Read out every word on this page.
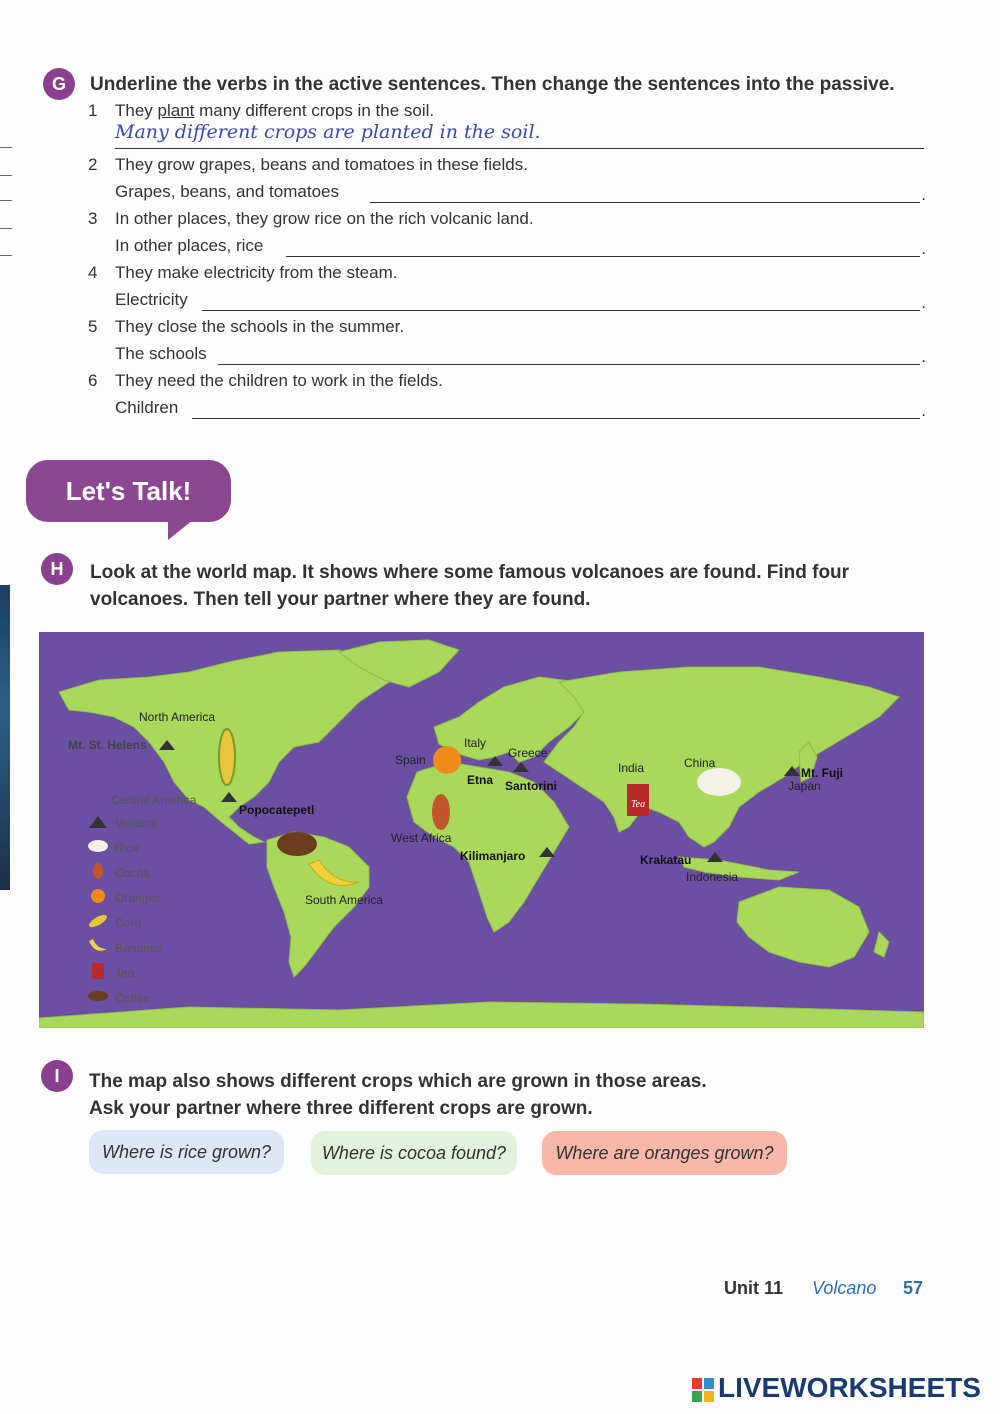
G	Underline the verbs in the active sentences. Then change the sentences into the passive.
1 They plant many different crops in the soil.
Many different crops are planted in the soil.
2 They grow grapes, beans and tomatoes in these fields.
Grapes, beans, and tomatoes	.
3 In other places, they grow rice on the rich volcanic land.
In other places, rice	.
4 They make electricity from the steam.
Electricity	.
5 They close the schools in the summer.
The schools	.
6 They need the children to work in the fields.
Children	.
Let's Talk!
H	Look at the world map. It shows where some famous volcanoes are found. Find four
volcanoes. Then tell your partner where they are found.
Tea
North America
Mt. St. Helens
Central America
Popocatepetl
South America
Spain
Italy
Greece
Etna Santorini
West Africa
Kilimanjaro
India	China
Mt. Fuji
Japan
Krakatau
Indonesia
Volcano
Rice
Cocoa
Oranges
Corn
Bananas
Tea
Coffee
I	The map also shows different crops which are grown in those areas.
Ask your partner where three different crops are grown.
Where is rice grown?	Where is cocoa found?	Where are oranges grown?
Unit 11 Volcano 57
LIVEWORKSHEETS
